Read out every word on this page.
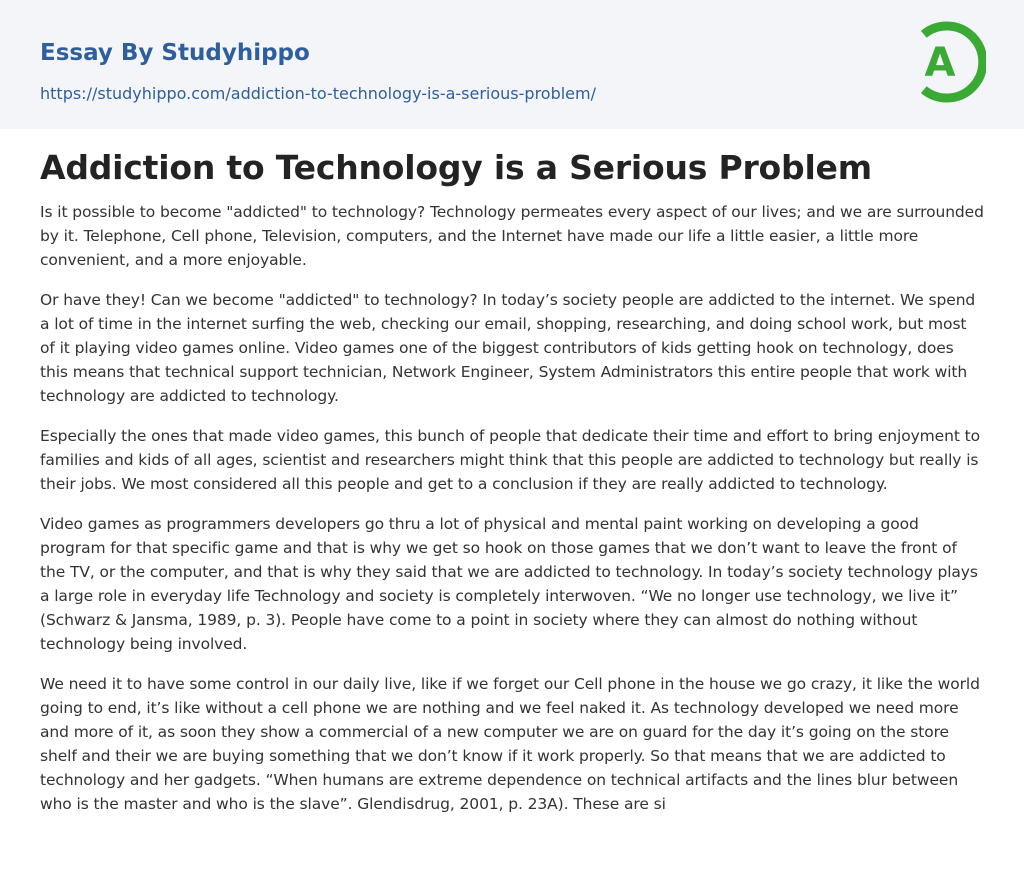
Essay By Studyhippo
https://studyhippo.com/addiction-to-technology-is-a-serious-problem/
A
Addiction to Technology is a Serious Problem

Is it possible to become "addicted" to technology? Technology permeates every aspect of our lives; and we are surrounded by it. Telephone, Cell phone, Television, computers, and the Internet have made our life a little easier, a little more convenient, and a more enjoyable.

Or have they! Can we become "addicted" to technology? In today’s society people are addicted to the internet. We spend a lot of time in the internet surfing the web, checking our email, shopping, researching, and doing school work, but most of it playing video games online. Video games one of the biggest contributors of kids getting hook on technology, does this means that technical support technician, Network Engineer, System Administrators this entire people that work with technology are addicted to technology.

Especially the ones that made video games, this bunch of people that dedicate their time and effort to bring enjoyment to families and kids of all ages, scientist and researchers might think that this people are addicted to technology but really is their jobs. We most considered all this people and get to a conclusion if they are really addicted to technology.

Video games as programmers developers go thru a lot of physical and mental paint working on developing a good program for that specific game and that is why we get so hook on those games that we don’t want to leave the front of the TV, or the computer, and that is why they said that we are addicted to technology. In today’s society technology plays a large role in everyday life Technology and society is completely interwoven. “We no longer use technology, we live it” (Schwarz & Jansma, 1989, p. 3). People have come to a point in society where they can almost do nothing without technology being involved.

We need it to have some control in our daily live, like if we forget our Cell phone in the house we go crazy, it like the world going to end, it’s like without a cell phone we are nothing and we feel naked it. As technology developed we need more and more of it, as soon they show a commercial of a new computer we are on guard for the day it’s going on the store shelf and their we are buying something that we don’t know if it work properly. So that means that we are addicted to technology and her gadgets. “When humans are extreme dependence on technical artifacts and the lines blur between who is the master and who is the slave”. Glendisdrug, 2001, p. 23A). These are si
